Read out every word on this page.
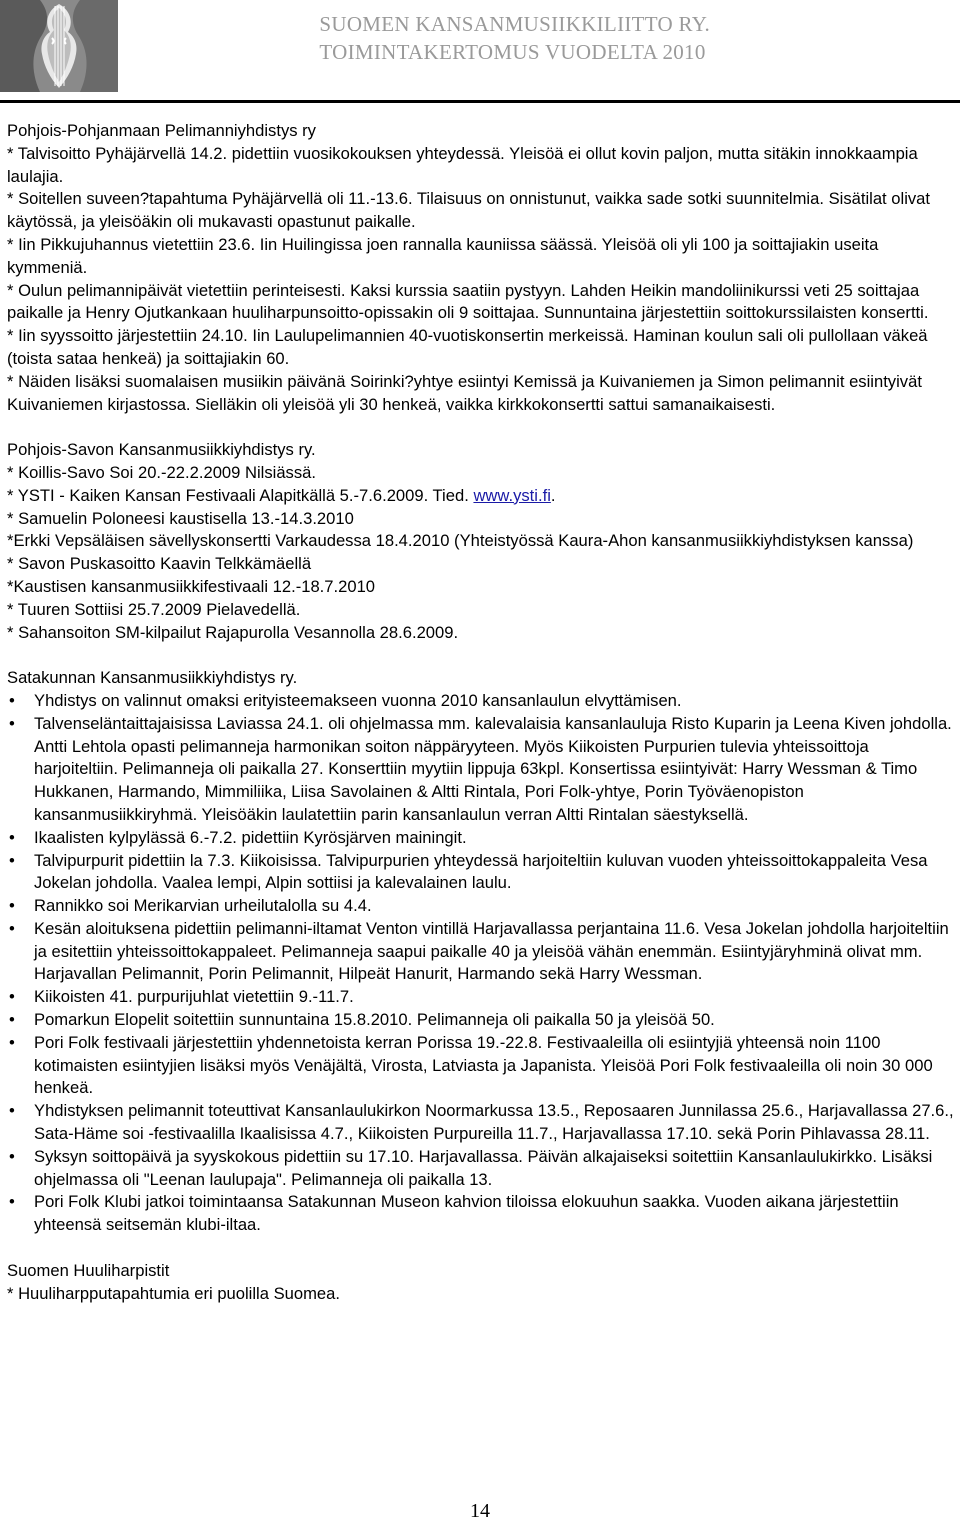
SUOMEN KANSANMUSIIKKILIITTO RY.
TOIMINTAKERTOMUS VUODELTA 2010

Pohjois-Pohjanmaan Pelimanniyhdistys ry

* Talvisoitto Pyhäjärvellä 14.2. pidettiin vuosikokouksen yhteydessä. Yleisöä ei ollut kovin paljon, mutta sitäkin innokkaampia laulajia.

* Soitellen suveen?tapahtuma Pyhäjärvellä oli 11.-13.6. Tilaisuus on onnistunut, vaikka sade sotki suunnitelmia. Sisätilat olivat käytössä, ja yleisöäkin oli mukavasti opastunut paikalle.

* Iin Pikkujuhannus vietettiin 23.6. Iin Huilingissa joen rannalla kauniissa säässä. Yleisöä oli yli 100 ja soittajiakin useita kymmeniä.

* Oulun pelimannipäivät vietettiin perinteisesti. Kaksi kurssia saatiin pystyyn. Lahden Heikin mandoliinikurssi veti 25 soittajaa paikalle ja Henry Ojutkankaan huuliharpunsoitto-opissakin oli 9 soittajaa. Sunnuntaina järjestettiin soittokurssilaisten konsertti.

* Iin syyssoitto järjestettiin 24.10. Iin Laulupelimannien 40-vuotiskonsertin merkeissä. Haminan koulun sali oli pullollaan väkeä (toista sataa henkeä) ja soittajiakin 60.

* Näiden lisäksi suomalaisen musiikin päivänä Soirinki?yhtye esiintyi Kemissä ja Kuivaniemen ja Simon pelimannit esiintyivät Kuivaniemen kirjastossa. Sielläkin oli yleisöä yli 30 henkeä, vaikka kirkkokonsertti sattui samanaikaisesti.

Pohjois-Savon Kansanmusiikkiyhdistys ry.

* Koillis-Savo Soi 20.-22.2.2009 Nilsiässä.

* YSTI - Kaiken Kansan Festivaali Alapitkällä 5.-7.6.2009. Tied. www.ysti.fi.

* Samuelin Poloneesi kaustisella 13.-14.3.2010

*Erkki Vepsäläisen sävellyskonsertti Varkaudessa 18.4.2010 (Yhteistyössä Kaura-Ahon kansanmusiikkiyhdistyksen kanssa)

* Savon Puskasoitto Kaavin Telkkämäellä

*Kaustisen kansanmusiikkifestivaali 12.-18.7.2010

* Tuuren Sottiisi 25.7.2009 Pielavedellä.

* Sahansoiton SM-kilpailut Rajapurolla Vesannolla 28.6.2009.

Satakunnan Kansanmusiikkiyhdistys ry.

• Yhdistys on valinnut omaksi erityisteemakseen vuonna 2010 kansanlaulun elvyttämisen.
• Talvenseläntaittajaisissa Laviassa 24.1. oli ohjelmassa mm. kalevalaisia kansanlauluja Risto Kuparin ja Leena Kiven johdolla. Antti Lehtola opasti pelimanneja harmonikan soiton näppäryyteen. Myös Kiikoisten Purpurien tulevia yhteissoittoja harjoiteltiin. Pelimanneja oli paikalla 27. Konserttiin myytiin lippuja 63kpl. Konsertissa esiintyivät: Harry Wessman & Timo Hukkanen, Harmando, Mimmiliika, Liisa Savolainen & Altti Rintala, Pori Folk-yhtye, Porin Työväenopiston kansanmusiikkiryhmä. Yleisöäkin laulatettiin parin kansanlaulun verran Altti Rintalan säestyksellä.
• Ikaalisten kylpylässä 6.-7.2. pidettiin Kyrösjärven mainingit.
• Talvipurpurit pidettiin la 7.3. Kiikoisissa. Talvipurpurien yhteydessä harjoiteltiin kuluvan vuoden yhteissoittokappaleita Vesa Jokelan johdolla. Vaalea lempi, Alpin sottiisi ja kalevalainen laulu.
• Rannikko soi Merikarvian urheilutalolla su 4.4.
• Kesän aloituksena pidettiin pelimanni-iltamat Venton vintillä Harjavallassa perjantaina 11.6. Vesa Jokelan johdolla harjoiteltiin ja esitettiin yhteissoittokappaleet. Pelimanneja saapui paikalle 40 ja yleisöä vähän enemmän. Esiintyjäryhminä olivat mm. Harjavallan Pelimannit, Porin Pelimannit, Hilpeät Hanurit, Harmando sekä Harry Wessman.
• Kiikoisten 41. purpurijuhlat vietettiin 9.-11.7.
• Pomarkun Elopelit soitettiin sunnuntaina 15.8.2010. Pelimanneja oli paikalla 50 ja yleisöä 50.
• Pori Folk festivaali järjestettiin yhdennetoista kerran Porissa 19.-22.8. Festivaaleilla oli esiintyjiä yhteensä noin 1100 kotimaisten esiintyjien lisäksi myös Venäjältä, Virosta, Latviasta ja Japanista. Yleisöä Pori Folk festivaaleilla oli noin 30 000 henkeä.
• Yhdistyksen pelimannit toteuttivat Kansanlaulukirkon Noormarkussa 13.5., Reposaaren Junnilassa 25.6., Harjavallassa 27.6., Sata-Häme soi -festivaalilla Ikaalisissa 4.7., Kiikoisten Purpureilla 11.7., Harjavallassa 17.10. sekä Porin Pihlavassa 28.11.
• Syksyn soittopäivä ja syyskokous pidettiin su 17.10. Harjavallassa. Päivän alkajaiseksi soitettiin Kansanlaulukirkko. Lisäksi ohjelmassa oli "Leenan laulupaja". Pelimanneja oli paikalla 13.
• Pori Folk Klubi jatkoi toimintaansa Satakunnan Museon kahvion tiloissa elokuuhun saakka. Vuoden aikana järjestettiin yhteensä seitsemän klubi-iltaa.

Suomen Huuliharpistit

* Huuliharpputapahtumia eri puolilla Suomea.

14
